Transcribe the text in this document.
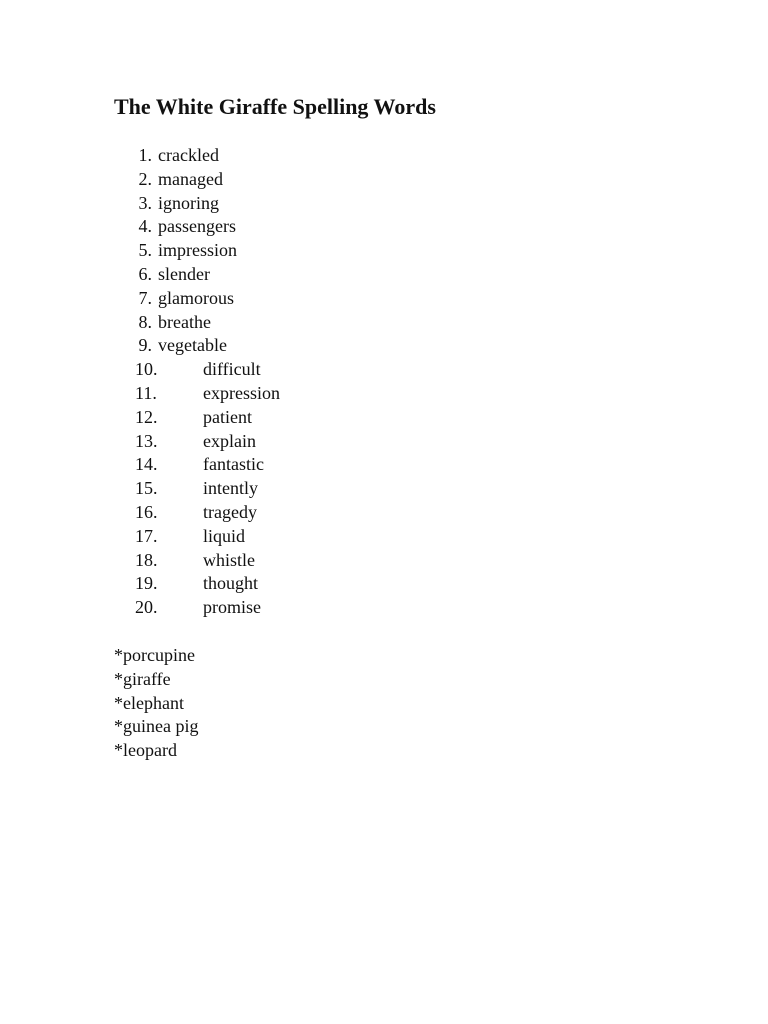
The White Giraffe Spelling Words
1. crackled
2. managed
3. ignoring
4. passengers
5. impression
6. slender
7. glamorous
8. breathe
9. vegetable
10.	difficult
11.	expression
12.	patient
13.	explain
14.	fantastic
15.	intently
16.	tragedy
17.	liquid
18.	whistle
19.	thought
20.	promise
*porcupine
*giraffe
*elephant
*guinea pig
*leopard
